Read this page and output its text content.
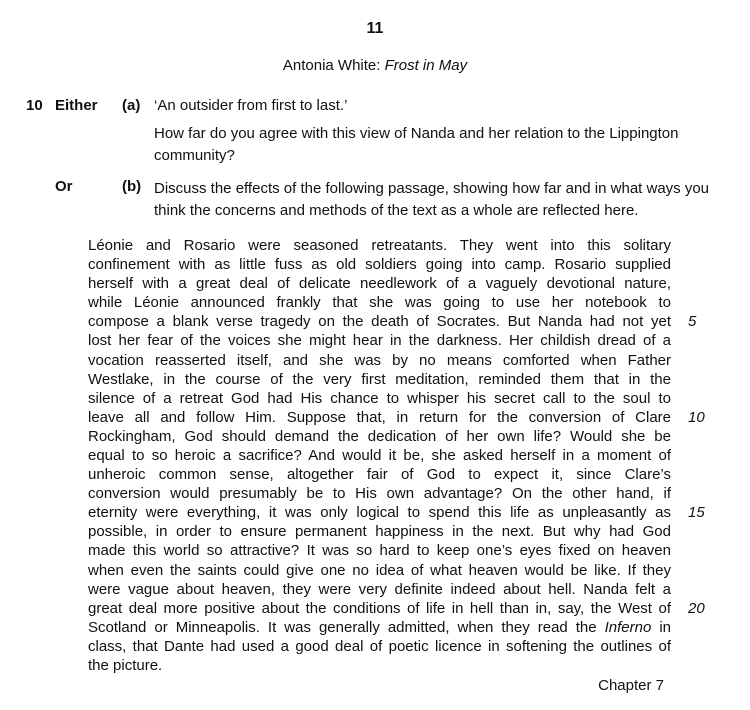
11
Antonia White: Frost in May
10 Either (a) ‘An outsider from first to last.’
How far do you agree with this view of Nanda and her relation to the Lippington
community?
Or	(b) Discuss the effects of the following passage, showing how far and in what ways you
think the concerns and methods of the text as a whole are reflected here.
Léonie and Rosario were seasoned retreatants. They went into this solitary
confinement with as little fuss as old soldiers going into camp. Rosario supplied
herself with a great deal of delicate needlework of a vaguely devotional nature,
while Léonie announced frankly that she was going to use her notebook to
compose a blank verse tragedy on the death of Socrates. But Nanda had not yet
lost her fear of the voices she might hear in the darkness. Her childish dread of a
vocation reasserted itself, and she was by no means comforted when Father
Westlake, in the course of the very first meditation, reminded them that in the
silence of a retreat God had His chance to whisper his secret call to the soul to
leave all and follow Him. Suppose that, in return for the conversion of Clare
Rockingham, God should demand the dedication of her own life? Would she be
equal to so heroic a sacrifice? And would it be, she asked herself in a moment of
unheroic common sense, altogether fair of God to expect it, since Clare’s
conversion would presumably be to His own advantage? On the other hand, if
eternity were everything, it was only logical to spend this life as unpleasantly as
possible, in order to ensure permanent happiness in the next. But why had God
made this world so attractive? It was so hard to keep one’s eyes fixed on heaven
when even the saints could give one no idea of what heaven would be like. If they
were vague about heaven, they were very definite indeed about hell. Nanda felt a
great deal more positive about the conditions of life in hell than in, say, the West of
Scotland or Minneapolis. It was generally admitted, when they read the Inferno in
class, that Dante had used a good deal of poetic licence in softening the outlines of
the picture.
5
10
15
20
Chapter 7
